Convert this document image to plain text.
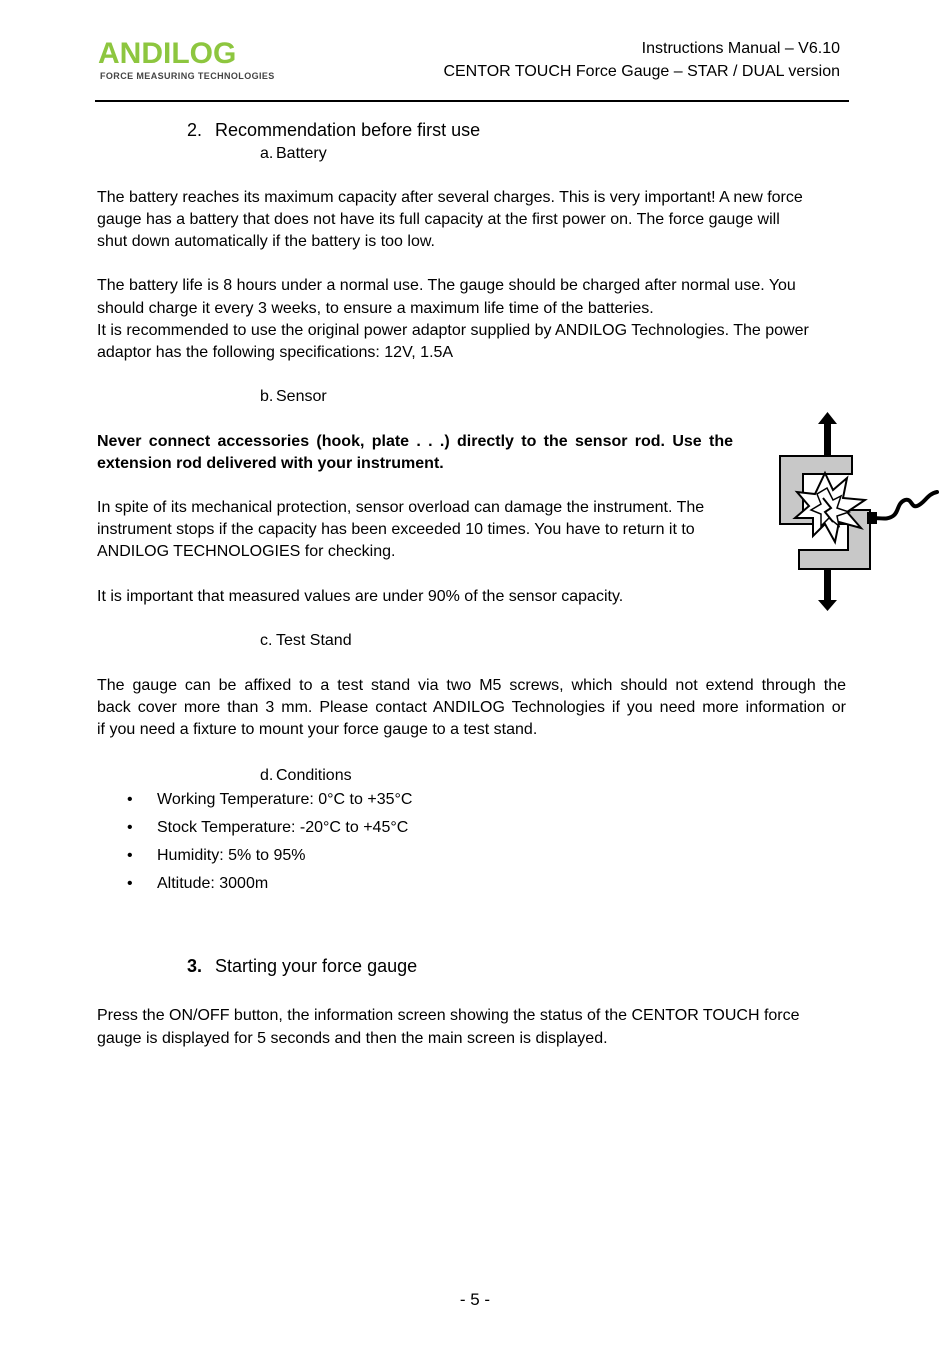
ANDILOG
FORCE MEASURING TECHNOLOGIES
Instructions Manual – V6.10
CENTOR TOUCH Force Gauge – STAR / DUAL version
2. Recommendation before first use
a. Battery
The battery reaches its maximum capacity after several charges. This is very important! A new force
gauge has a battery that does not have its full capacity at the first power on. The force gauge will
shut down automatically if the battery is too low.
The battery life is 8 hours under a normal use. The gauge should be charged after normal use. You
should charge it every 3 weeks, to ensure a maximum life time of the batteries.
It is recommended to use the original power adaptor supplied by ANDILOG Technologies. The power
adaptor has the following specifications: 12V, 1.5A
b. Sensor
Never connect accessories (hook, plate . . .) directly to the sensor rod. Use the
extension rod delivered with your instrument.
In spite of its mechanical protection, sensor overload can damage the instrument. The
instrument stops if the capacity has been exceeded 10 times. You have to return it to
ANDILOG TECHNOLOGIES for checking.
It is important that measured values are under 90% of the sensor capacity.
c. Test Stand
The gauge can be affixed to a test stand via two M5 screws, which should not extend through the
back cover more than 3 mm. Please contact ANDILOG Technologies if you need more information or
if you need a fixture to mount your force gauge to a test stand.
d. Conditions
• Working Temperature: 0°C to +35°C
• Stock Temperature: -20°C to +45°C
• Humidity: 5% to 95%
• Altitude: 3000m
3. Starting your force gauge
Press the ON/OFF button, the information screen showing the status of the CENTOR TOUCH force
gauge is displayed for 5 seconds and then the main screen is displayed.
- 5 -
